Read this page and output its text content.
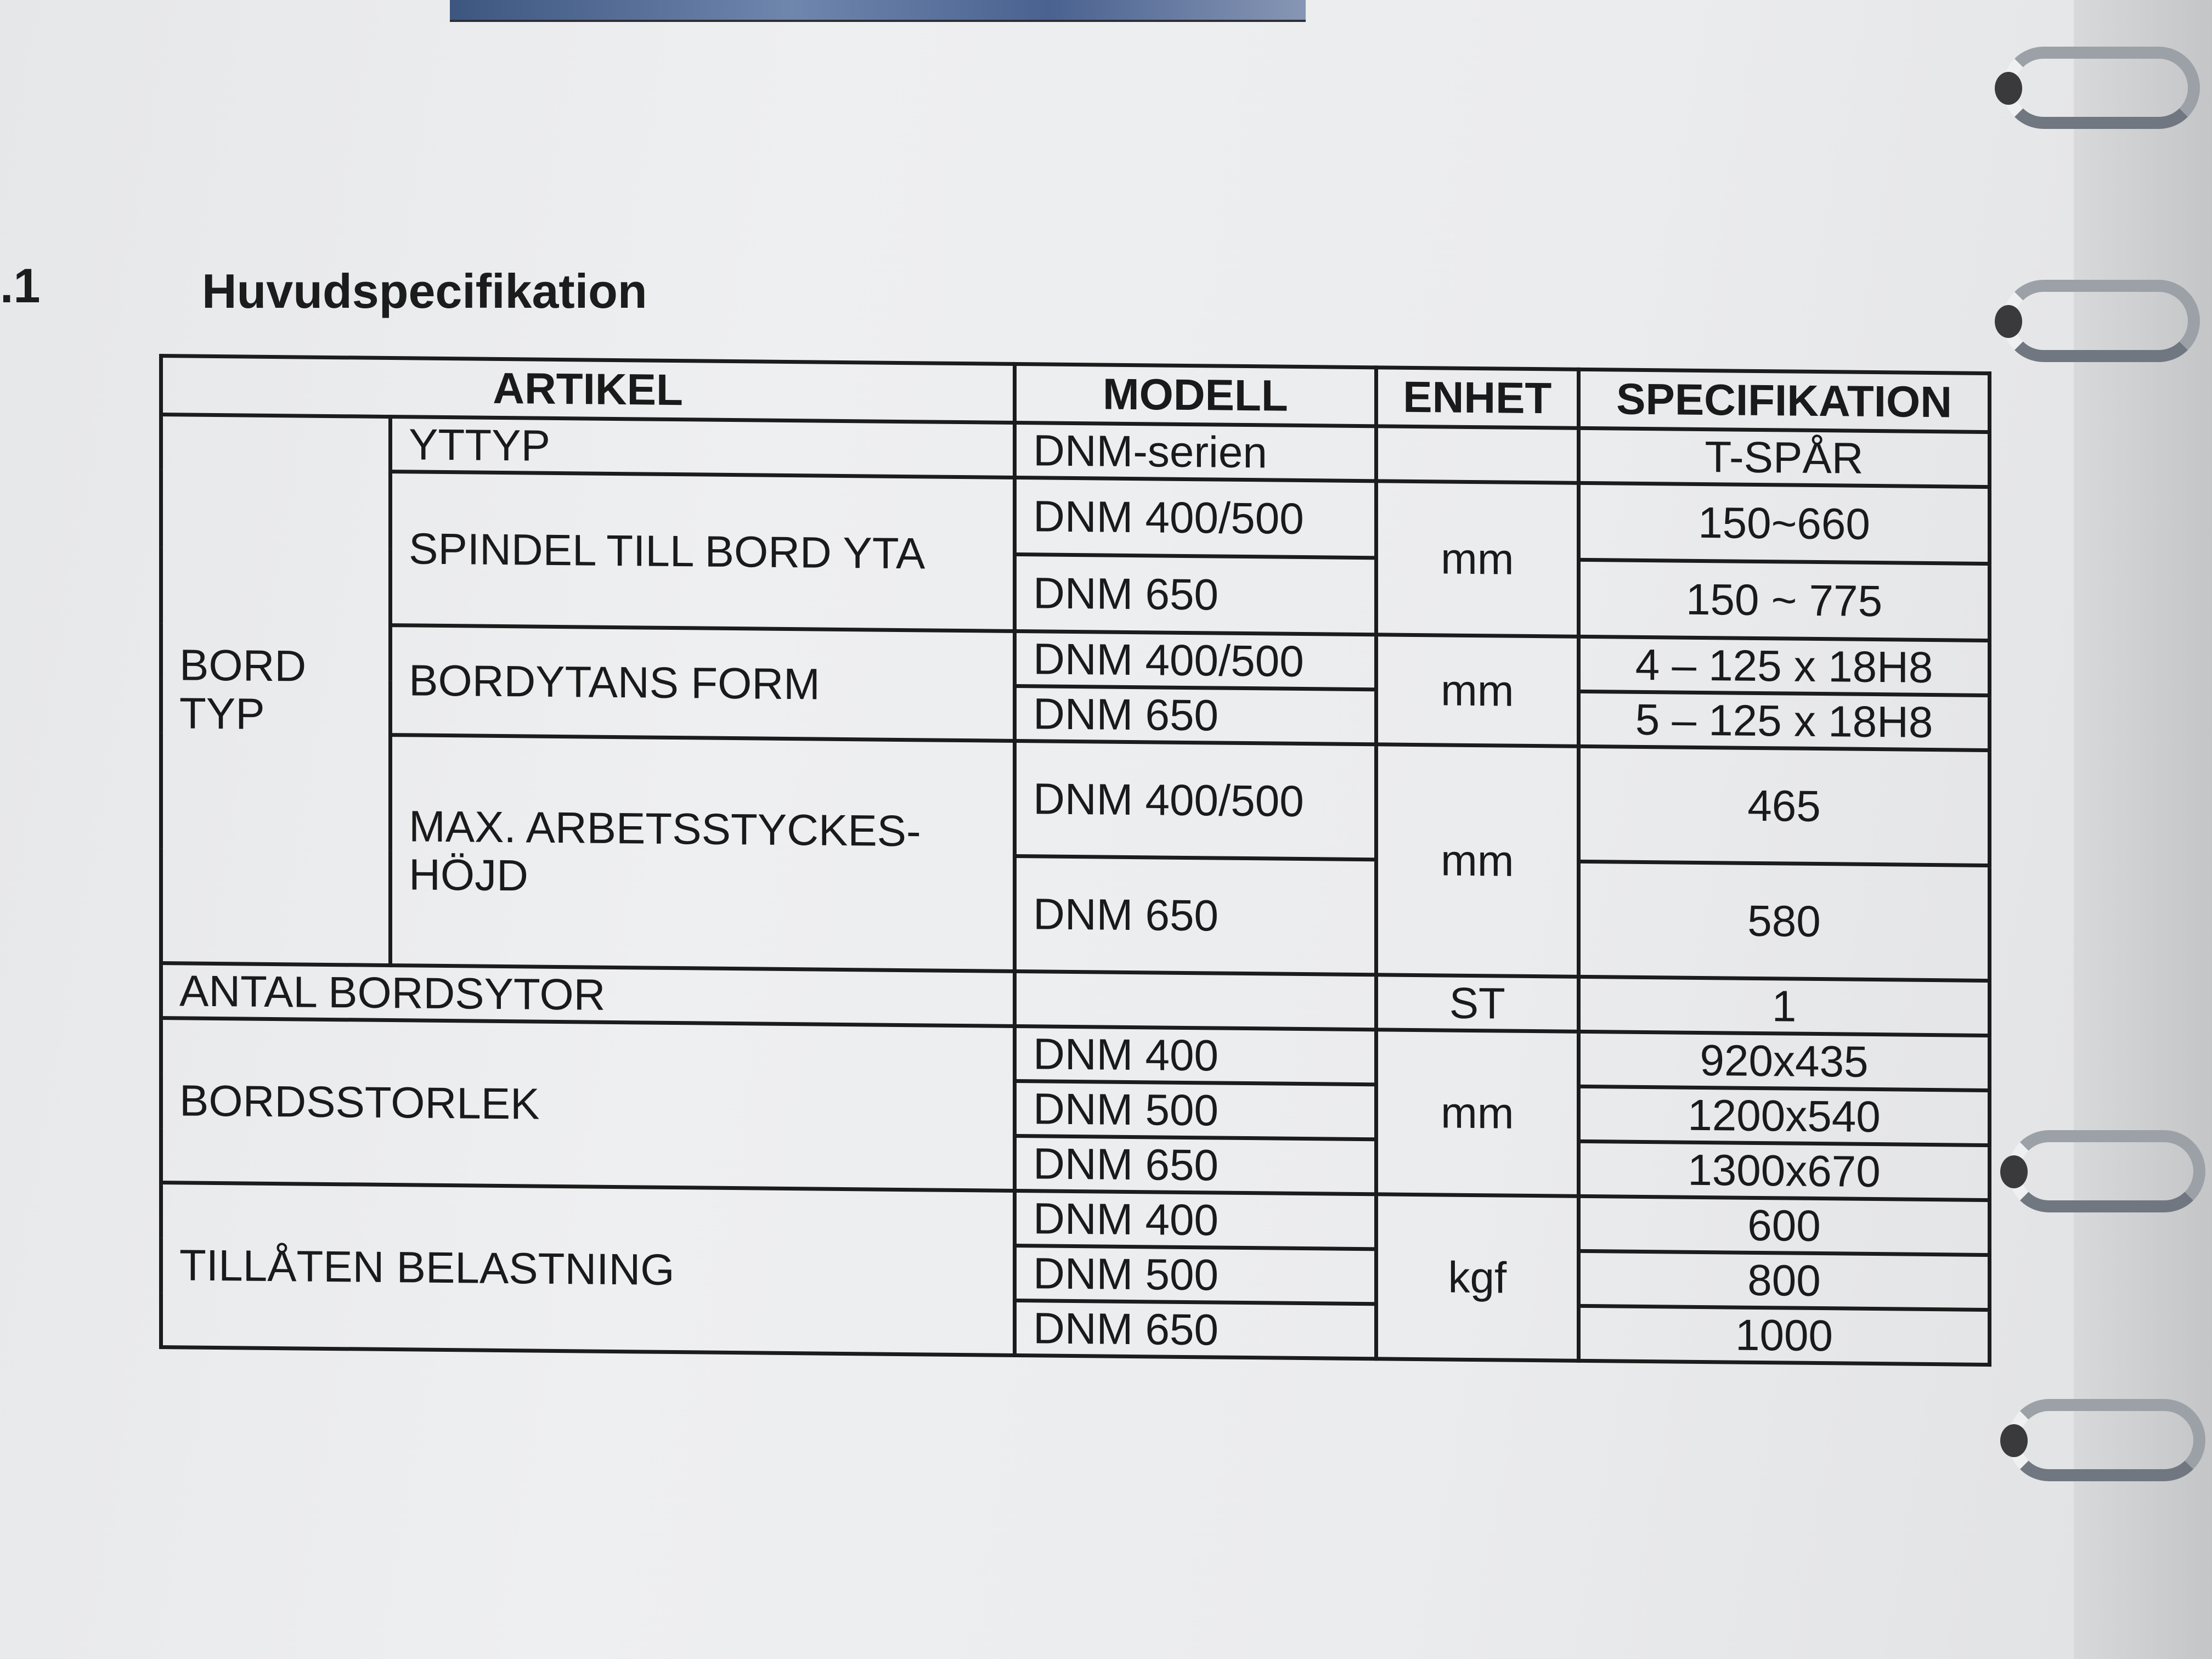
.1	Huvudspecifikation
ARTIKEL		MODELL	ENHET	SPECIFIKATION
BORD TYP	YTTYP	DNM-serien		T-SPÅR
	SPINDEL TILL BORD YTA	DNM 400/500	mm	150~660
		DNM 650		150 ~ 775
	BORDYTANS FORM	DNM 400/500	mm	4 – 125 x 18H8
		DNM 650		5 – 125 x 18H8
	MAX. ARBETSSTYCKES-HÖJD	DNM 400/500	mm	465
		DNM 650		580
ANTAL BORDSYTOR			ST	1
BORDSSTORLEK		DNM 400	mm	920x435
		DNM 500		1200x540
		DNM 650		1300x670
TILLÅTEN BELASTNING		DNM 400	kgf	600
		DNM 500		800
		DNM 650		1000
